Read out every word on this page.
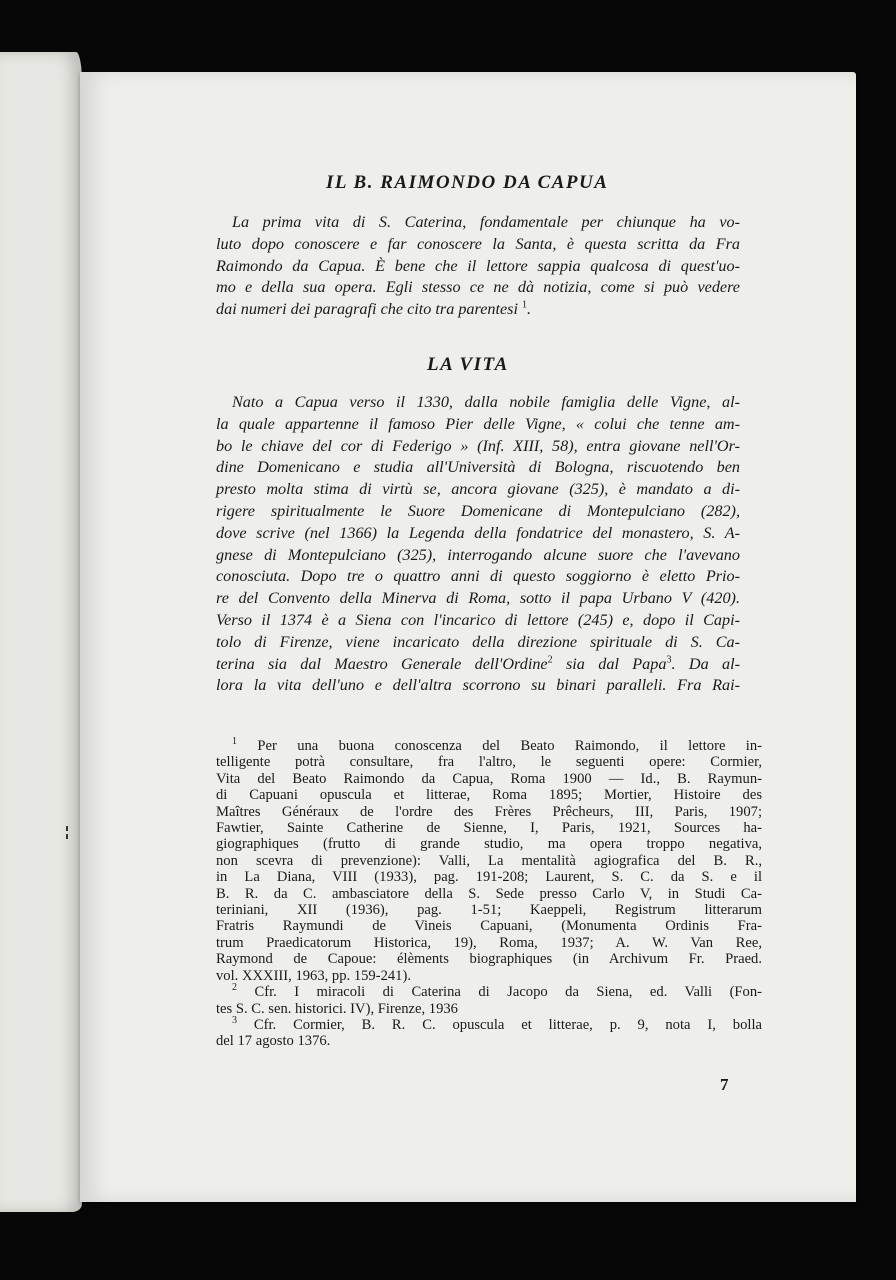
IL B. RAIMONDO DA CAPUA
La prima vita di S. Caterina, fondamentale per chiunque ha vo-
luto dopo conoscere e far conoscere la Santa, è questa scritta da Fra
Raimondo da Capua. È bene che il lettore sappia qualcosa di quest'uo-
mo e della sua opera. Egli stesso ce ne dà notizia, come si può vedere
dai numeri dei paragrafi che cito tra parentesi $^1$.
LA VITA
Nato a Capua verso il 1330, dalla nobile famiglia delle Vigne, al-
la quale appartenne il famoso Pier delle Vigne, « colui che tenne am-
bo le chiave del cor di Federigo » (Inf. XIII, 58), entra giovane nell'Or-
dine Domenicano e studia all'Università di Bologna, riscuotendo ben
presto molta stima di virtù se, ancora giovane (325), è mandato a di-
rigere spiritualmente le Suore Domenicane di Montepulciano (282),
dove scrive (nel 1366) la Legenda della fondatrice del monastero, S. A-
gnese di Montepulciano (325), interrogando alcune suore che l'avevano
conosciuta. Dopo tre o quattro anni di questo soggiorno è eletto Prio-
re del Convento della Minerva di Roma, sotto il papa Urbano V (420).
Verso il 1374 è a Siena con l'incarico di lettore (245) e, dopo il Capi-
tolo di Firenze, viene incaricato della direzione spirituale di S. Ca-
terina sia dal Maestro Generale dell'Ordine$^2$ sia dal Papa$^3$. Da al-
lora la vita dell'uno e dell'altra scorrono su binari paralleli. Fra Rai-
$^1$ Per una buona conoscenza del Beato Raimondo, il lettore in-
telligente potrà consultare, fra l'altro, le seguenti opere: Cormier,
Vita del Beato Raimondo da Capua, Roma 1900 — Id., B. Raymun-
di Capuani opuscula et litterae, Roma 1895; Mortier, Histoire des
Maîtres Généraux de l'ordre des Frères Prêcheurs, III, Paris, 1907;
Fawtier, Sainte Catherine de Sienne, I, Paris, 1921, Sources ha-
giographiques (frutto di grande studio, ma opera troppo negativa,
non scevra di prevenzione): Valli, La mentalità agiografica del B. R.,
in La Diana, VIII (1933), pag. 191-208; Laurent, S. C. da S. e il
B. R. da C. ambasciatore della S. Sede presso Carlo V, in Studi Ca-
teriniani, XII (1936), pag. 1-51; Kaeppeli, Registrum litterarum
Fratris Raymundi de Vineis Capuani, (Monumenta Ordinis Fra-
trum Praedicatorum Historica, 19), Roma, 1937; A. W. Van Ree,
Raymond de Capoue: élèments biographiques (in Archivum Fr. Praed.
vol. XXXIII, 1963, pp. 159-241).
$^2$ Cfr. I miracoli di Caterina di Jacopo da Siena, ed. Valli (Fon-
tes S. C. sen. historici. IV), Firenze, 1936
$^3$ Cfr. Cormier, B. R. C. opuscula et litterae, p. 9, nota I, bolla
del 17 agosto 1376.
7
